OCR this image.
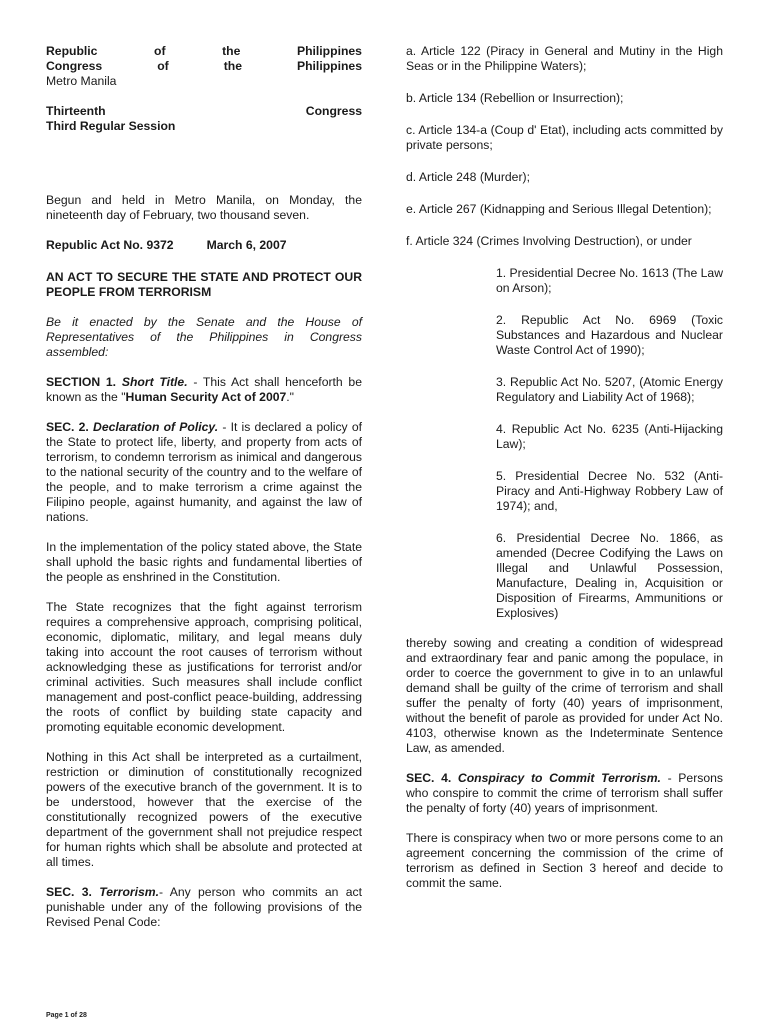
Republic	of	the	Philippines
Congress	of	the	Philippines

Metro Manila

Thirteenth	Congress

Third Regular Session

Begun and held in Metro Manila, on Monday, the nineteenth day of February, two thousand seven.

Republic Act No. 9372	March 6, 2007

AN ACT TO SECURE THE STATE AND PROTECT OUR PEOPLE FROM TERRORISM

Be it enacted by the Senate and the House of Representatives of the Philippines in Congress assembled:

SECTION 1. Short Title. - This Act shall henceforth be known as the "Human Security Act of 2007."

SEC. 2. Declaration of Policy. - It is declared a policy of the State to protect life, liberty, and property from acts of terrorism, to condemn terrorism as inimical and dangerous to the national security of the country and to the welfare of the people, and to make terrorism a crime against the Filipino people, against humanity, and against the law of nations.

In the implementation of the policy stated above, the State shall uphold the basic rights and fundamental liberties of the people as enshrined in the Constitution.

The State recognizes that the fight against terrorism requires a comprehensive approach, comprising political, economic, diplomatic, military, and legal means duly taking into account the root causes of terrorism without acknowledging these as justifications for terrorist and/or criminal activities. Such measures shall include conflict management and post-conflict peace-building, addressing the roots of conflict by building state capacity and promoting equitable economic development.

Nothing in this Act shall be interpreted as a curtailment, restriction or diminution of constitutionally recognized powers of the executive branch of the government. It is to be understood, however that the exercise of the constitutionally recognized powers of the executive department of the government shall not prejudice respect for human rights which shall be absolute and protected at all times.

SEC. 3. Terrorism.- Any person who commits an act punishable under any of the following provisions of the Revised Penal Code:

a. Article 122 (Piracy in General and Mutiny in the High Seas or in the Philippine Waters);

b. Article 134 (Rebellion or Insurrection);

c. Article 134-a (Coup d' Etat), including acts committed by private persons;

d. Article 248 (Murder);

e. Article 267 (Kidnapping and Serious Illegal Detention);

f. Article 324 (Crimes Involving Destruction), or under

1. Presidential Decree No. 1613 (The Law on Arson);

2. Republic Act No. 6969 (Toxic Substances and Hazardous and Nuclear Waste Control Act of 1990);

3. Republic Act No. 5207, (Atomic Energy Regulatory and Liability Act of 1968);

4. Republic Act No. 6235 (Anti-Hijacking Law);

5. Presidential Decree No. 532 (Anti-Piracy and Anti-Highway Robbery Law of 1974); and,

6. Presidential Decree No. 1866, as amended (Decree Codifying the Laws on Illegal and Unlawful Possession, Manufacture, Dealing in, Acquisition or Disposition of Firearms, Ammunitions or Explosives)

thereby sowing and creating a condition of widespread and extraordinary fear and panic among the populace, in order to coerce the government to give in to an unlawful demand shall be guilty of the crime of terrorism and shall suffer the penalty of forty (40) years of imprisonment, without the benefit of parole as provided for under Act No. 4103, otherwise known as the Indeterminate Sentence Law, as amended.

SEC. 4. Conspiracy to Commit Terrorism. - Persons who conspire to commit the crime of terrorism shall suffer the penalty of forty (40) years of imprisonment.

There is conspiracy when two or more persons come to an agreement concerning the commission of the crime of terrorism as defined in Section 3 hereof and decide to commit the same.

Page 1 of 28
